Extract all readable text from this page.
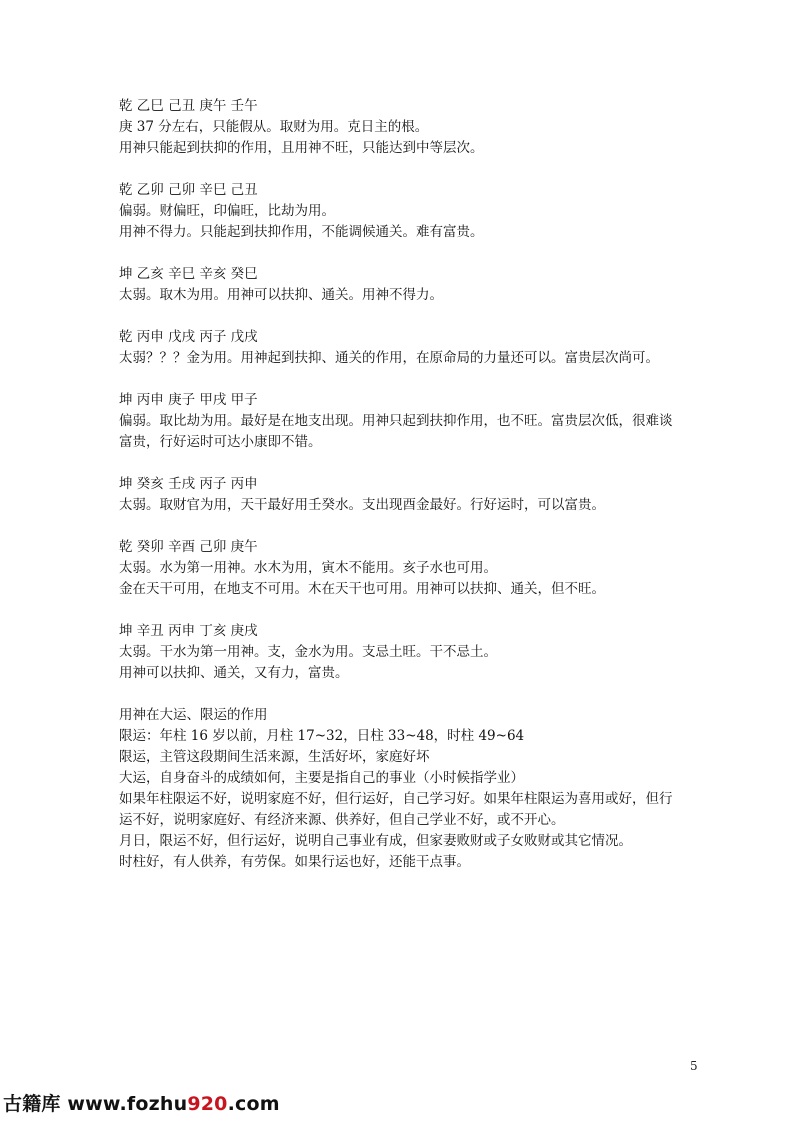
乾 乙巳 己丑 庚午 壬午
庚 37 分左右，只能假从。取财为用。克日主的根。
用神只能起到扶抑的作用，且用神不旺，只能达到中等层次。
乾 乙卯 己卯 辛巳 己丑
偏弱。财偏旺，印偏旺，比劫为用。
用神不得力。只能起到扶抑作用，不能调候通关。难有富贵。
坤 乙亥 辛巳 辛亥 癸巳
太弱。取木为用。用神可以扶抑、通关。用神不得力。
乾 丙申 戊戌 丙子 戊戌
太弱？？？金为用。用神起到扶抑、通关的作用，在原命局的力量还可以。富贵层次尚可。
坤 丙申 庚子 甲戌 甲子
偏弱。取比劫为用。最好是在地支出现。用神只起到扶抑作用，也不旺。富贵层次低，很难谈
富贵，行好运时可达小康即不错。
坤 癸亥 壬戌 丙子 丙申
太弱。取财官为用，天干最好用壬癸水。支出现酉金最好。行好运时，可以富贵。
乾 癸卯 辛酉 己卯 庚午
太弱。水为第一用神。水木为用，寅木不能用。亥子水也可用。
金在天干可用，在地支不可用。木在天干也可用。用神可以扶抑、通关，但不旺。
坤 辛丑 丙申 丁亥 庚戌
太弱。干水为第一用神。支，金水为用。支忌土旺。干不忌土。
用神可以扶抑、通关，又有力，富贵。
用神在大运、限运的作用
限运：年柱 16 岁以前，月柱 17~32，日柱 33~48，时柱 49~64
限运，主管这段期间生活来源，生活好坏，家庭好坏
大运，自身奋斗的成绩如何，主要是指自己的事业（小时候指学业）
如果年柱限运不好，说明家庭不好，但行运好，自己学习好。如果年柱限运为喜用或好，但行
运不好，说明家庭好、有经济来源、供养好，但自己学业不好，或不开心。
月日，限运不好，但行运好，说明自己事业有成，但家妻败财或子女败财或其它情况。
时柱好，有人供养，有劳保。如果行运也好，还能干点事。
5
古籍库 www.fozhu920.com
